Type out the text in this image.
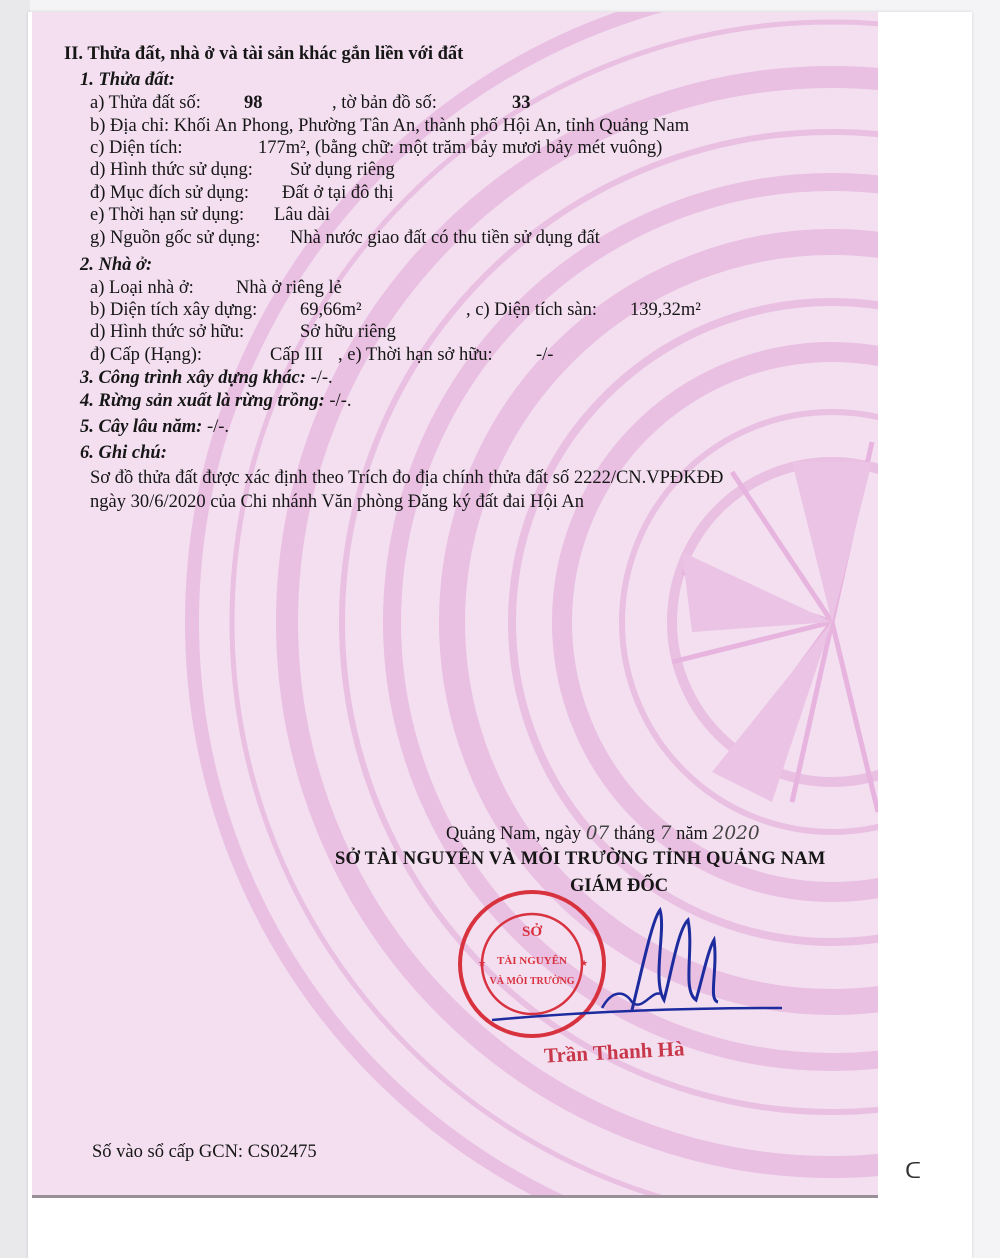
II. Thửa đất, nhà ở và tài sản khác gắn liền với đất
1. Thửa đất:
a) Thửa đất số: 98	, tờ bản đồ số:	33
b) Địa chỉ: Khối An Phong, Phường Tân An, thành phố Hội An, tỉnh Quảng Nam
c) Diện tích:	177m², (bằng chữ: một trăm bảy mươi bảy mét vuông)
d) Hình thức sử dụng: Sử dụng riêng
đ) Mục đích sử dụng: Đất ở tại đô thị
e) Thời hạn sử dụng: Lâu dài
g) Nguồn gốc sử dụng: Nhà nước giao đất có thu tiền sử dụng đất
2. Nhà ở:
a) Loại nhà ở: Nhà ở riêng lẻ
b) Diện tích xây dựng: 69,66m²	, c) Diện tích sàn: 139,32m²
d) Hình thức sở hữu:	Sở hữu riêng
đ) Cấp (Hạng):	Cấp III , e) Thời hạn sở hữu: -/-
3. Công trình xây dựng khác: -/-.
4. Rừng sản xuất là rừng trồng: -/-.
5. Cây lâu năm: -/-.
6. Ghi chú:
Sơ đồ thửa đất được xác định theo Trích đo địa chính thửa đất số 2222/CN.VPĐKĐĐ
ngày 30/6/2020 của Chi nhánh Văn phòng Đăng ký đất đai Hội An
Quảng Nam, ngày 07 tháng 7 năm 2020
SỞ TÀI NGUYÊN VÀ MÔI TRƯỜNG TỈNH QUẢNG NAM
GIÁM ĐỐC
SỞ
TÀI NGUYÊN
VÀ MÔI TRƯỜNG
★	★
Trần Thanh Hà
Số vào sổ cấp GCN: CS02475
ᑕ
